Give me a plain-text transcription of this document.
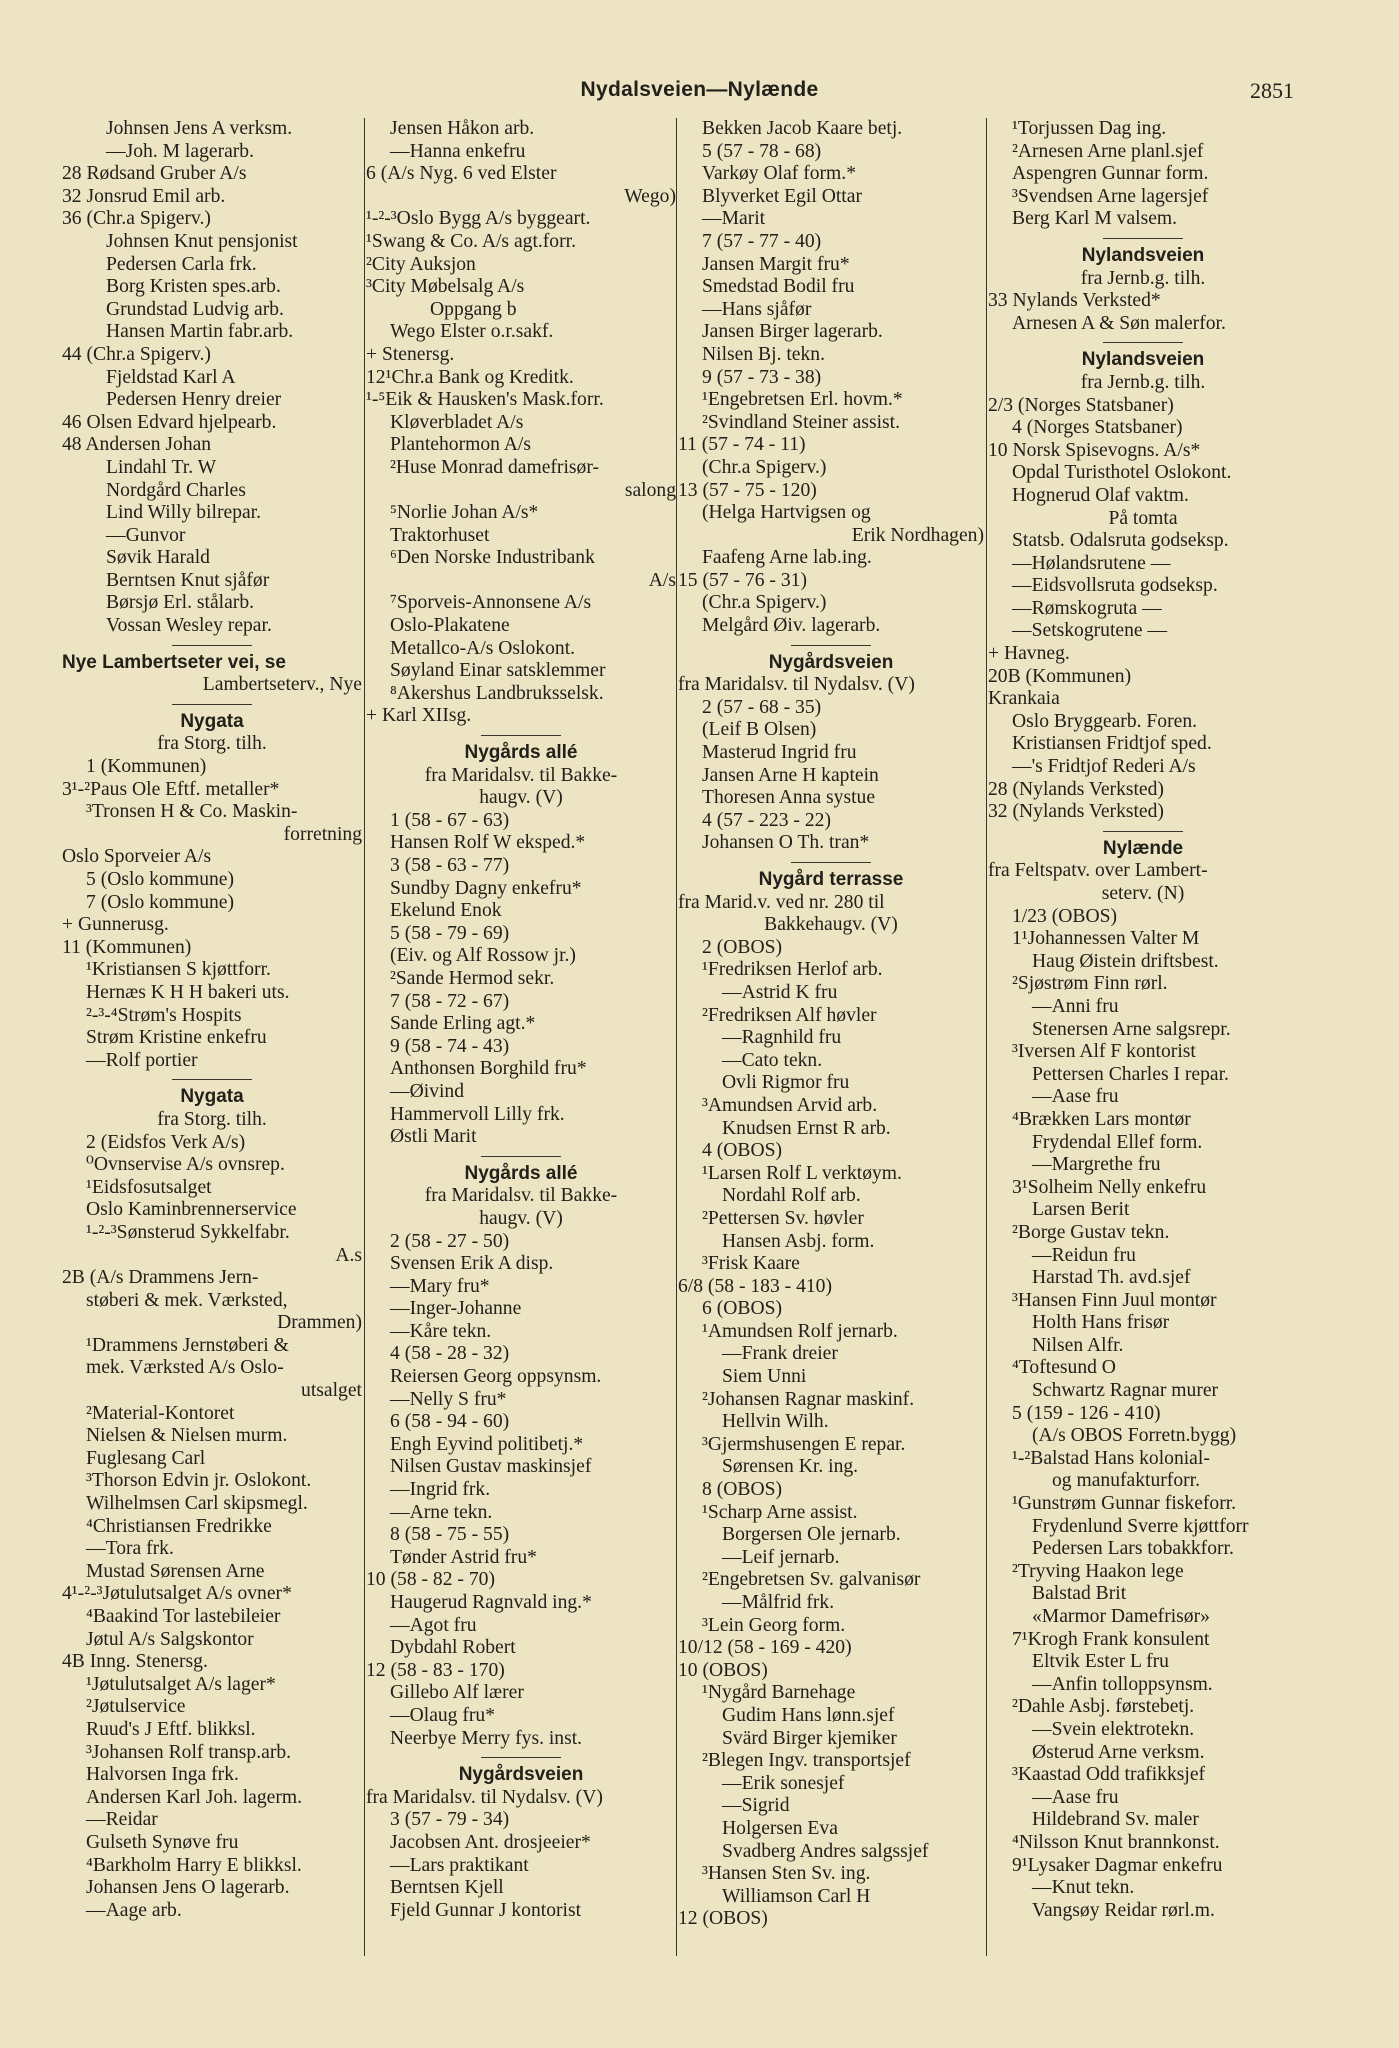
Nydalsveien—Nylænde	2851
Johnsen Jens A verksm.
—Joh. M lagerarb.
28 Rødsand Gruber A/s
32 Jonsrud Emil arb.
36 (Chr.a Spigerv.)
Johnsen Knut pensjonist
Pedersen Carla frk.
Borg Kristen spes.arb.
Grundstad Ludvig arb.
Hansen Martin fabr.arb.
44 (Chr.a Spigerv.)
Fjeldstad Karl A
Pedersen Henry dreier
46 Olsen Edvard hjelpearb.
48 Andersen Johan
Lindahl Tr. W
Nordgård Charles
Lind Willy bilrepar.
—Gunvor
Søvik Harald
Berntsen Knut sjåfør
Børsjø Erl. stålarb.
Vossan Wesley repar.
Nye Lambertseter vei, se
Lambertseterv., Nye
Nygata
fra Storg. tilh.
1 (Kommunen)
3¹-²Paus Ole Eftf. metaller*
³Tronsen H & Co. Maskin-
forretning
Oslo Sporveier A/s
5 (Oslo kommune)
7 (Oslo kommune)
+ Gunnerusg.
11 (Kommunen)
¹Kristiansen S kjøttforr.
Hernæs K H H bakeri uts.
²-³-⁴Strøm's Hospits
Strøm Kristine enkefru
—Rolf portier
Nygata
fra Storg. tilh.
2 (Eidsfos Verk A/s)
⁰Ovnservise A/s ovnsrep.
¹Eidsfosutsalget
Oslo Kaminbrennerservice
¹-²-³Sønsterud Sykkelfabr.
A.s
2B (A/s Drammens Jern-
støberi & mek. Værksted,
Drammen)
¹Drammens Jernstøberi &
mek. Værksted A/s Oslo-
utsalget
²Material-Kontoret
Nielsen & Nielsen murm.
Fuglesang Carl
³Thorson Edvin jr. Oslokont.
Wilhelmsen Carl skipsmegl.
⁴Christiansen Fredrikke
—Tora frk.
Mustad Sørensen Arne
4¹-²-³Jøtulutsalget A/s ovner*
⁴Baakind Tor lastebileier
Jøtul A/s Salgskontor
4B Inng. Stenersg.
¹Jøtulutsalget A/s lager*
²Jøtulservice
Ruud's J Eftf. blikksl.
³Johansen Rolf transp.arb.
Halvorsen Inga frk.
Andersen Karl Joh. lagerm.
—Reidar
Gulseth Synøve fru
⁴Barkholm Harry E blikksl.
Johansen Jens O lagerarb.
—Aage arb.
Jensen Håkon arb.
—Hanna enkefru
6 (A/s Nyg. 6 ved Elster
Wego)
¹-²-³Oslo Bygg A/s byggeart.
¹Swang & Co. A/s agt.forr.
²City Auksjon
³City Møbelsalg A/s
Oppgang b
Wego Elster o.r.sakf.
+ Stenersg.
12¹Chr.a Bank og Kreditk.
¹-⁵Eik & Hausken's Mask.forr.
Kløverbladet A/s
Plantehormon A/s
²Huse Monrad damefrisør-
salong
⁵Norlie Johan A/s*
Traktorhuset
⁶Den Norske Industribank
A/s
⁷Sporveis-Annonsene A/s
Oslo-Plakatene
Metallco-A/s Oslokont.
Søyland Einar satsklemmer
⁸Akershus Landbruksselsk.
+ Karl XIIsg.
Nygårds allé
fra Maridalsv. til Bakke-
haugv. (V)
1 (58 - 67 - 63)
Hansen Rolf W eksped.*
3 (58 - 63 - 77)
Sundby Dagny enkefru*
Ekelund Enok
5 (58 - 79 - 69)
(Eiv. og Alf Rossow jr.)
²Sande Hermod sekr.
7 (58 - 72 - 67)
Sande Erling agt.*
9 (58 - 74 - 43)
Anthonsen Borghild fru*
—Øivind
Hammervoll Lilly frk.
Østli Marit
Nygårds allé
fra Maridalsv. til Bakke-
haugv. (V)
2 (58 - 27 - 50)
Svensen Erik A disp.
—Mary fru*
—Inger-Johanne
—Kåre tekn.
4 (58 - 28 - 32)
Reiersen Georg oppsynsm.
—Nelly S fru*
6 (58 - 94 - 60)
Engh Eyvind politibetj.*
Nilsen Gustav maskinsjef
—Ingrid frk.
—Arne tekn.
8 (58 - 75 - 55)
Tønder Astrid fru*
10 (58 - 82 - 70)
Haugerud Ragnvald ing.*
—Agot fru
Dybdahl Robert
12 (58 - 83 - 170)
Gillebo Alf lærer
—Olaug fru*
Neerbye Merry fys. inst.
Nygårdsveien
fra Maridalsv. til Nydalsv. (V)
3 (57 - 79 - 34)
Jacobsen Ant. drosjeeier*
—Lars praktikant
Berntsen Kjell
Fjeld Gunnar J kontorist
Bekken Jacob Kaare betj.
5 (57 - 78 - 68)
Varkøy Olaf form.*
Blyverket Egil Ottar
—Marit
7 (57 - 77 - 40)
Jansen Margit fru*
Smedstad Bodil fru
—Hans sjåfør
Jansen Birger lagerarb.
Nilsen Bj. tekn.
9 (57 - 73 - 38)
¹Engebretsen Erl. hovm.*
²Svindland Steiner assist.
11 (57 - 74 - 11)
(Chr.a Spigerv.)
13 (57 - 75 - 120)
(Helga Hartvigsen og
Erik Nordhagen)
Faafeng Arne lab.ing.
15 (57 - 76 - 31)
(Chr.a Spigerv.)
Melgård Øiv. lagerarb.
Nygårdsveien
fra Maridalsv. til Nydalsv. (V)
2 (57 - 68 - 35)
(Leif B Olsen)
Masterud Ingrid fru
Jansen Arne H kaptein
Thoresen Anna systue
4 (57 - 223 - 22)
Johansen O Th. tran*
Nygård terrasse
fra Marid.v. ved nr. 280 til
Bakkehaugv. (V)
2 (OBOS)
¹Fredriksen Herlof arb.
—Astrid K fru
²Fredriksen Alf høvler
—Ragnhild fru
—Cato tekn.
Ovli Rigmor fru
³Amundsen Arvid arb.
Knudsen Ernst R arb.
4 (OBOS)
¹Larsen Rolf L verktøym.
Nordahl Rolf arb.
²Pettersen Sv. høvler
Hansen Asbj. form.
³Frisk Kaare
6/8 (58 - 183 - 410)
6 (OBOS)
¹Amundsen Rolf jernarb.
—Frank dreier
Siem Unni
²Johansen Ragnar maskinf.
Hellvin Wilh.
³Gjermshusengen E repar.
Sørensen Kr. ing.
8 (OBOS)
¹Scharp Arne assist.
Borgersen Ole jernarb.
—Leif jernarb.
²Engebretsen Sv. galvanisør
—Målfrid frk.
³Lein Georg form.
10/12 (58 - 169 - 420)
10 (OBOS)
¹Nygård Barnehage
Gudim Hans lønn.sjef
Svärd Birger kjemiker
²Blegen Ingv. transportsjef
—Erik sonesjef
—Sigrid
Holgersen Eva
Svadberg Andres salgssjef
³Hansen Sten Sv. ing.
Williamson Carl H
12 (OBOS)
¹Torjussen Dag ing.
²Arnesen Arne planl.sjef
Aspengren Gunnar form.
³Svendsen Arne lagersjef
Berg Karl M valsem.
Nylandsveien
fra Jernb.g. tilh.
33 Nylands Verksted*
Arnesen A & Søn malerfor.
Nylandsveien
fra Jernb.g. tilh.
2/3 (Norges Statsbaner)
4 (Norges Statsbaner)
10 Norsk Spisevogns. A/s*
Opdal Turisthotel Oslokont.
Hognerud Olaf vaktm.
På tomta
Statsb. Odalsruta godseksp.
—Hølandsrutene —
—Eidsvollsruta godseksp.
—Rømskogruta —
—Setskogrutene —
+ Havneg.
20B (Kommunen)
Krankaia
Oslo Bryggearb. Foren.
Kristiansen Fridtjof sped.
—'s Fridtjof Rederi A/s
28 (Nylands Verksted)
32 (Nylands Verksted)
Nylænde
fra Feltspatv. over Lambert-
seterv. (N)
1/23 (OBOS)
1¹Johannessen Valter M
Haug Øistein driftsbest.
²Sjøstrøm Finn rørl.
—Anni fru
Stenersen Arne salgsrepr.
³Iversen Alf F kontorist
Pettersen Charles I repar.
—Aase fru
⁴Brækken Lars montør
Frydendal Ellef form.
—Margrethe fru
3¹Solheim Nelly enkefru
Larsen Berit
²Borge Gustav tekn.
—Reidun fru
Harstad Th. avd.sjef
³Hansen Finn Juul montør
Holth Hans frisør
Nilsen Alfr.
⁴Toftesund O
Schwartz Ragnar murer
5 (159 - 126 - 410)
(A/s OBOS Forretn.bygg)
¹-²Balstad Hans kolonial-
og manufakturforr.
¹Gunstrøm Gunnar fiskeforr.
Frydenlund Sverre kjøttforr
Pedersen Lars tobakkforr.
²Tryving Haakon lege
Balstad Brit
«Marmor Damefrisør»
7¹Krogh Frank konsulent
Eltvik Ester L fru
—Anfin tolloppsynsm.
²Dahle Asbj. førstebetj.
—Svein elektrotekn.
Østerud Arne verksm.
³Kaastad Odd trafikksjef
—Aase fru
Hildebrand Sv. maler
⁴Nilsson Knut brannkonst.
9¹Lysaker Dagmar enkefru
—Knut tekn.
Vangsøy Reidar rørl.m.
